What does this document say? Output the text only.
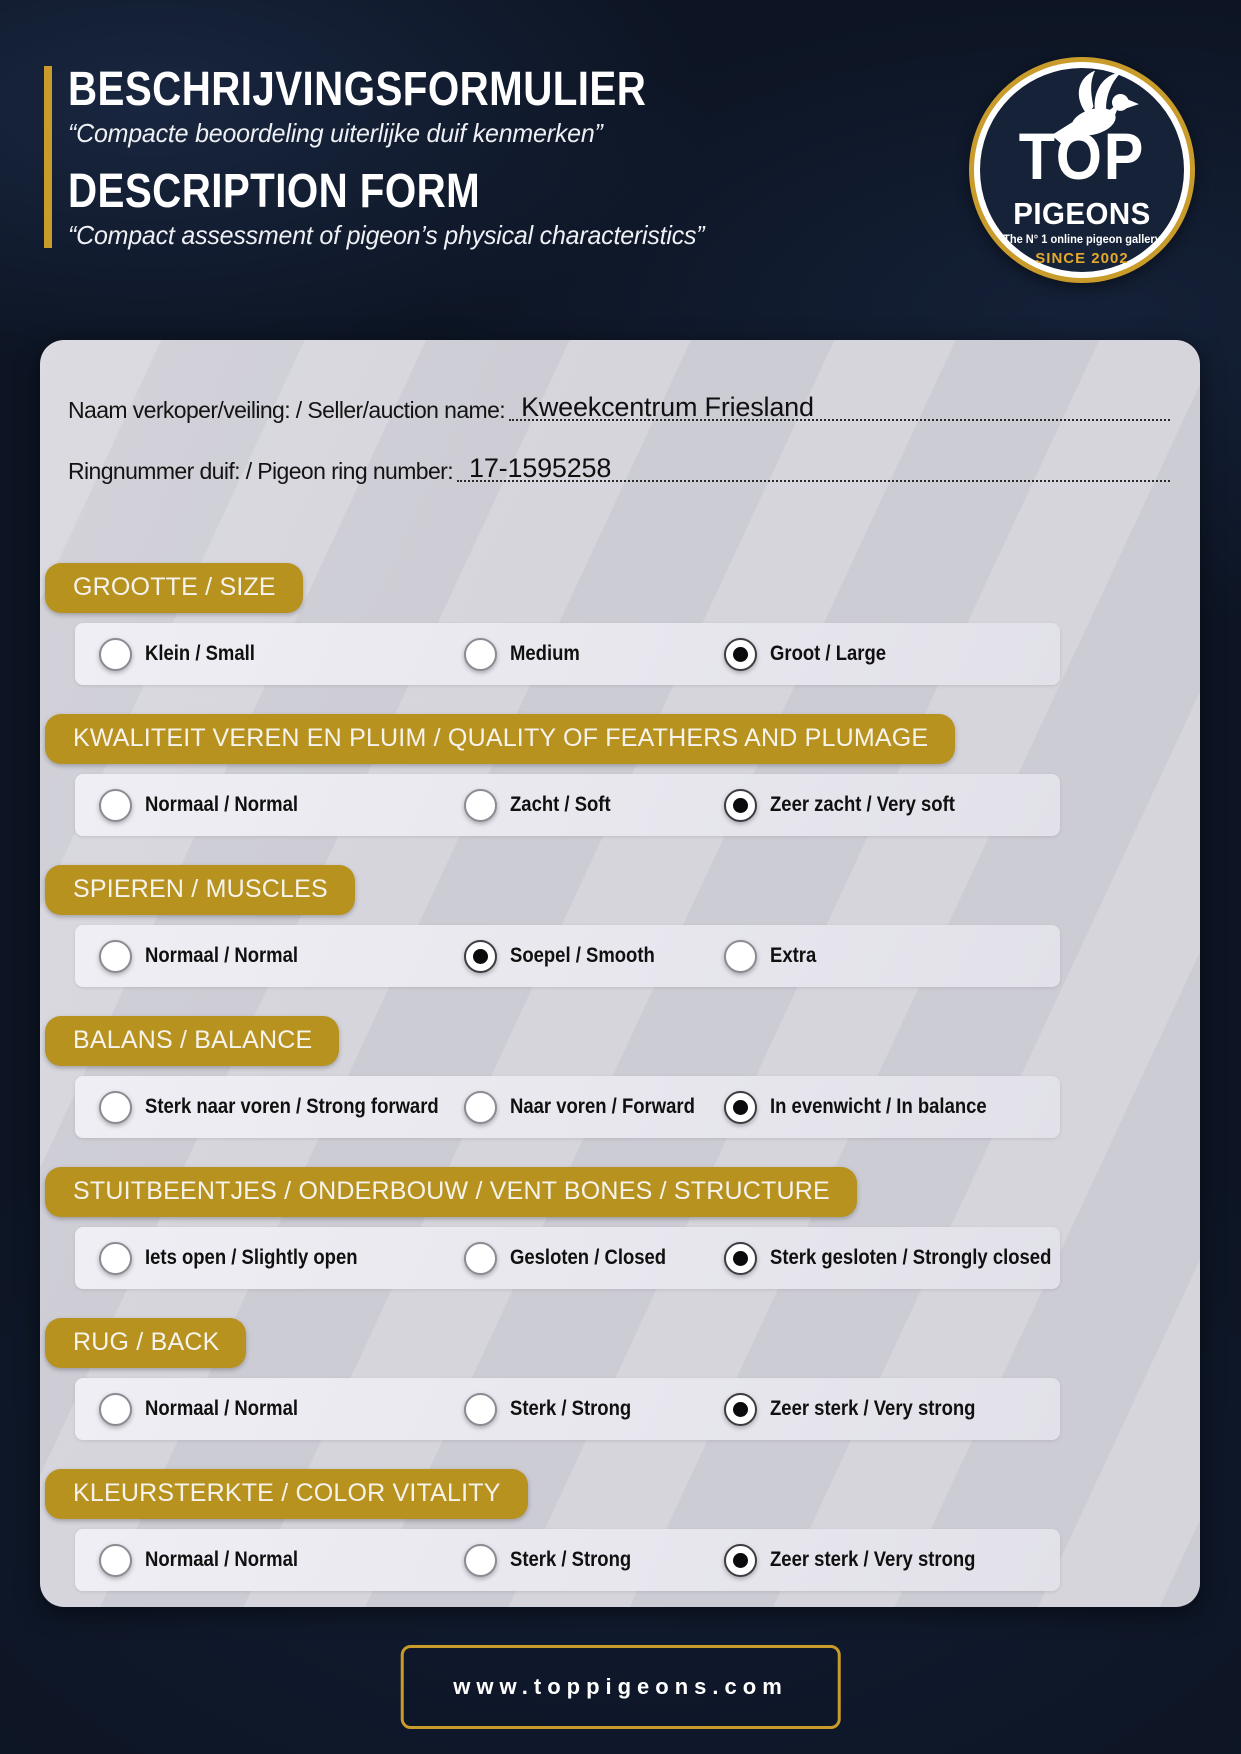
BESCHRIJVINGSFORMULIER

“Compacte beoordeling uiterlijke duif kenmerken”

DESCRIPTION FORM

“Compact assessment of pigeon’s physical characteristics”

TOP
PIGEONS
The N° 1 online pigeon gallery
SINCE 2002
Naam verkoper/veiling: / Seller/auction name: Kweekcentrum Friesland
Ringnummer duif: / Pigeon ring number: 17-1595258
GROOTTE / SIZE
Klein / Small	Medium	Groot / Large
KWALITEIT VEREN EN PLUIM / QUALITY OF FEATHERS AND PLUMAGE
Normaal / Normal	Zacht / Soft	Zeer zacht / Very soft
SPIEREN / MUSCLES
Normaal / Normal	Soepel / Smooth	Extra
BALANS / BALANCE
Sterk naar voren / Strong forward	Naar voren / Forward	In evenwicht / In balance
STUITBEENTJES / ONDERBOUW / VENT BONES / STRUCTURE
Iets open / Slightly open	Gesloten / Closed	Sterk gesloten / Strongly closed
RUG / BACK
Normaal / Normal	Sterk / Strong	Zeer sterk / Very strong
KLEURSTERKTE / COLOR VITALITY
Normaal / Normal	Sterk / Strong	Zeer sterk / Very strong
www.toppigeons.com
